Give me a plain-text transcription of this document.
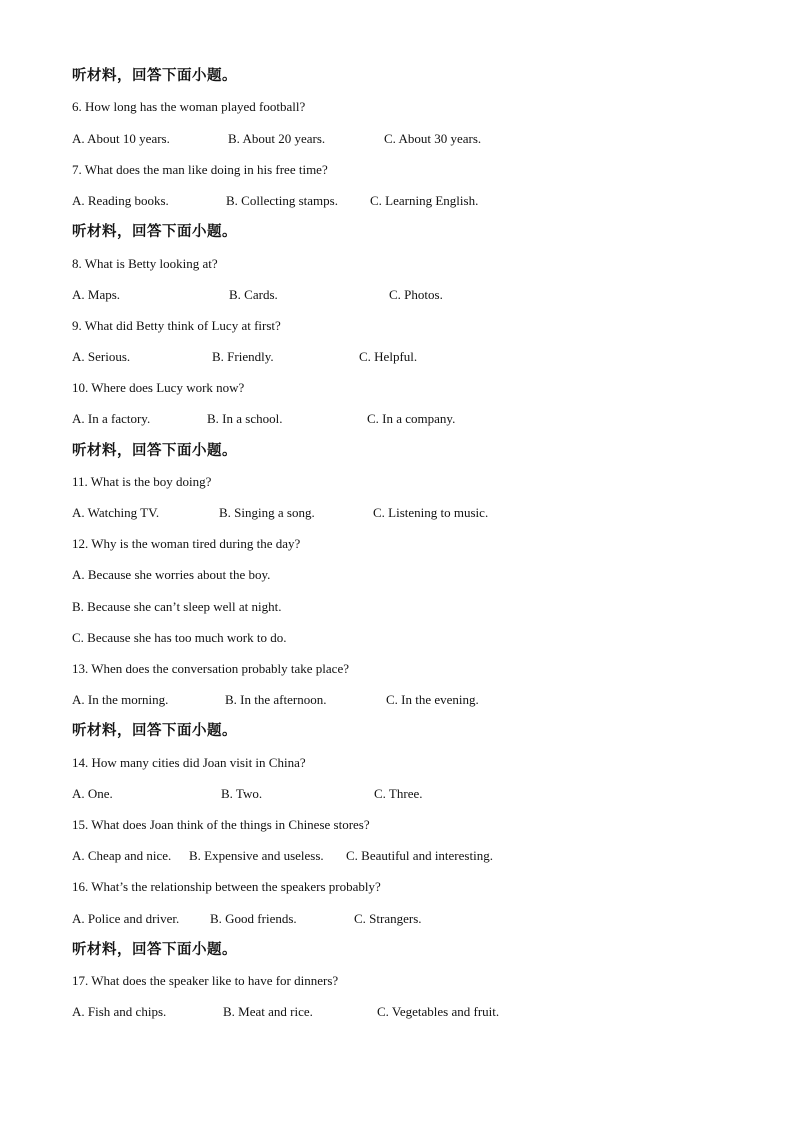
听材料，回答下面小题。
6. How long has the woman played football?
A. About 10 years.	B. About 20 years.	C. About 30 years.
7. What does the man like doing in his free time?
A. Reading books.	B. Collecting stamps. C. Learning English.
听材料，回答下面小题。
8. What is Betty looking at?
A. Maps.	B. Cards.	C. Photos.
9. What did Betty think of Lucy at first?
A. Serious.	B. Friendly.	C. Helpful.
10. Where does Lucy work now?
A. In a factory.	B. In a school.	C. In a company.
听材料，回答下面小题。
11. What is the boy doing?
A. Watching TV.	B. Singing a song.	C. Listening to music.
12. Why is the woman tired during the day?
A. Because she worries about the boy.
B. Because she can’t sleep well at night.
C. Because she has too much work to do.
13. When does the conversation probably take place?
A. In the morning.	B. In the afternoon.	C. In the evening.
听材料，回答下面小题。
14. How many cities did Joan visit in China?
A. One.	B. Two.	C. Three.
15. What does Joan think of the things in Chinese stores?
A. Cheap and nice. B. Expensive and useless. C. Beautiful and interesting.
16. What’s the relationship between the speakers probably?
A. Police and driver. B. Good friends.	C. Strangers.
听材料，回答下面小题。
17. What does the speaker like to have for dinners?
A. Fish and chips.	B. Meat and rice.	C. Vegetables and fruit.
